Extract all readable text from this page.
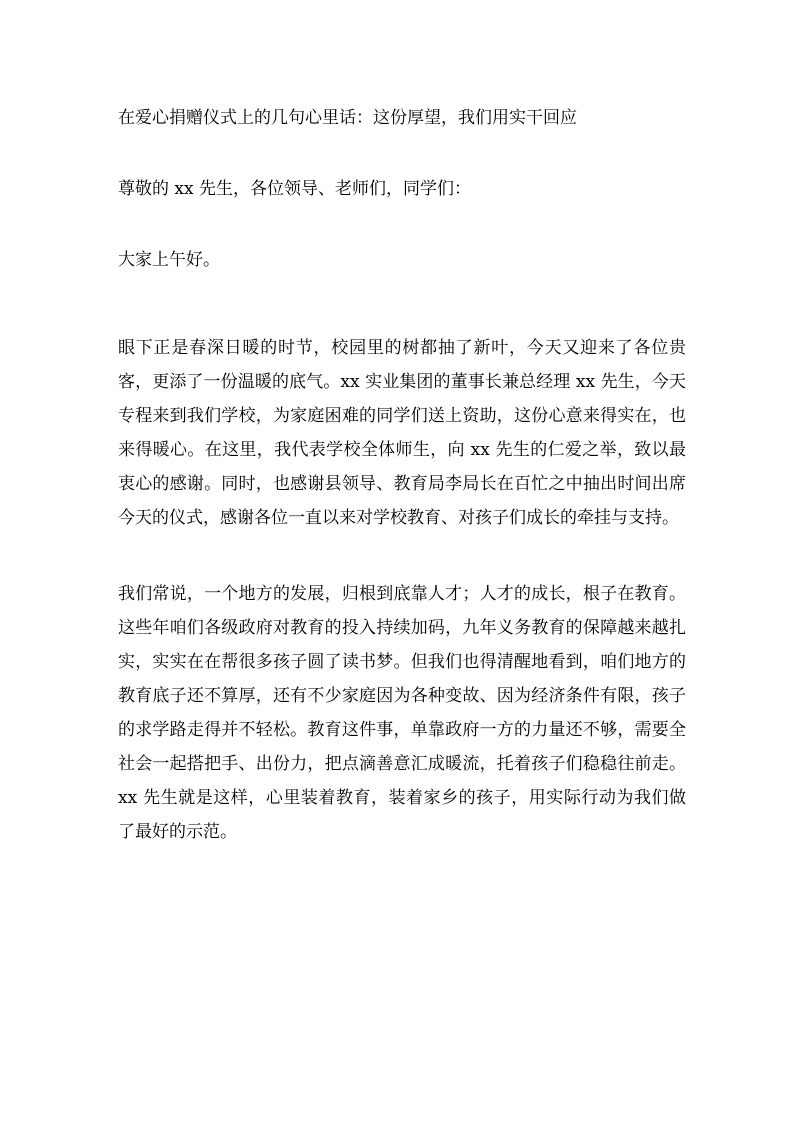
在爱心捐赠仪式上的几句心里话：这份厚望，我们用实干回应

尊敬的 xx 先生，各位领导、老师们，同学们：

大家上午好。

眼下正是春深日暖的时节，校园里的树都抽了新叶，今天又迎来了各位贵客，更添了一份温暖的底气。xx 实业集团的董事长兼总经理 xx 先生，今天专程来到我们学校，为家庭困难的同学们送上资助，这份心意来得实在，也来得暖心。在这里，我代表学校全体师生，向 xx 先生的仁爱之举，致以最衷心的感谢。同时，也感谢县领导、教育局李局长在百忙之中抽出时间出席今天的仪式，感谢各位一直以来对学校教育、对孩子们成长的牵挂与支持。

我们常说，一个地方的发展，归根到底靠人才；人才的成长，根子在教育。这些年咱们各级政府对教育的投入持续加码，九年义务教育的保障越来越扎实，实实在在帮很多孩子圆了读书梦。但我们也得清醒地看到，咱们地方的教育底子还不算厚，还有不少家庭因为各种变故、因为经济条件有限，孩子的求学路走得并不轻松。教育这件事，单靠政府一方的力量还不够，需要全社会一起搭把手、出份力，把点滴善意汇成暖流，托着孩子们稳稳往前走。xx 先生就是这样，心里装着教育，装着家乡的孩子，用实际行动为我们做了最好的示范。
